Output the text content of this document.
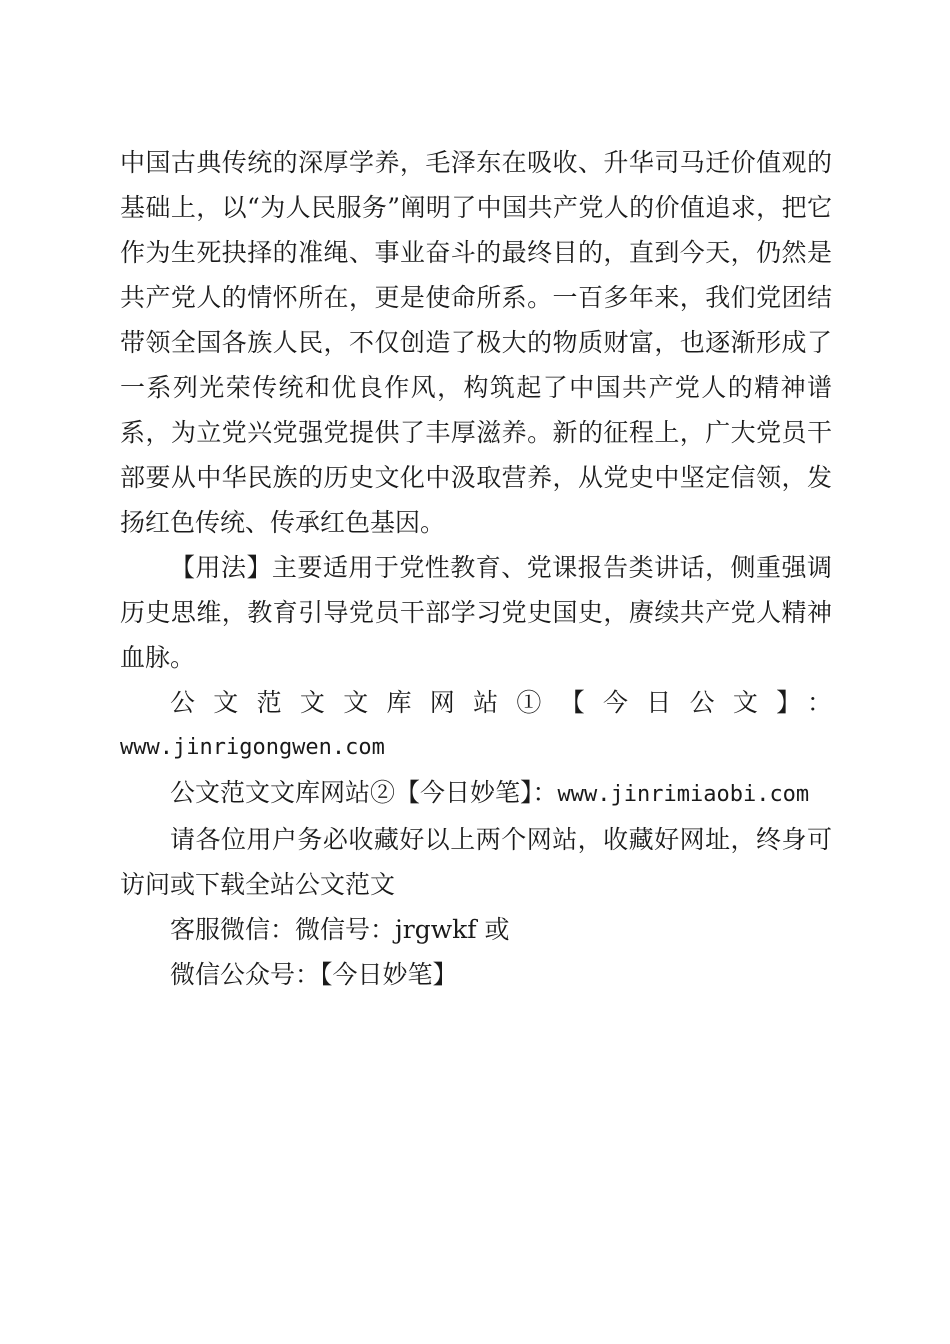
中国古典传统的深厚学养，毛泽东在吸收、升华司马迁价值观的基础上，以“为人民服务”阐明了中国共产党人的价值追求，把它作为生死抉择的准绳、事业奋斗的最终目的，直到今天，仍然是共产党人的情怀所在，更是使命所系。一百多年来，我们党团结带领全国各族人民，不仅创造了极大的物质财富，也逐渐形成了一系列光荣传统和优良作风，构筑起了中国共产党人的精神谱系，为立党兴党强党提供了丰厚滋养。新的征程上，广大党员干部要从中华民族的历史文化中汲取营养，从党史中坚定信领，发扬红色传统、传承红色基因。

【用法】主要适用于党性教育、党课报告类讲话，侧重强调历史思维，教育引导党员干部学习党史国史，赓续共产党人精神血脉。

公文范文文库网站①【今日公文】：

www.jinrigongwen.com

公文范文文库网站②【今日妙笔】：www.jinrimiaobi.com

请各位用户务必收藏好以上两个网站，收藏好网址，终身可访问或下载全站公文范文

客服微信：微信号：jrgwkf 或

微信公众号：【今日妙笔】
